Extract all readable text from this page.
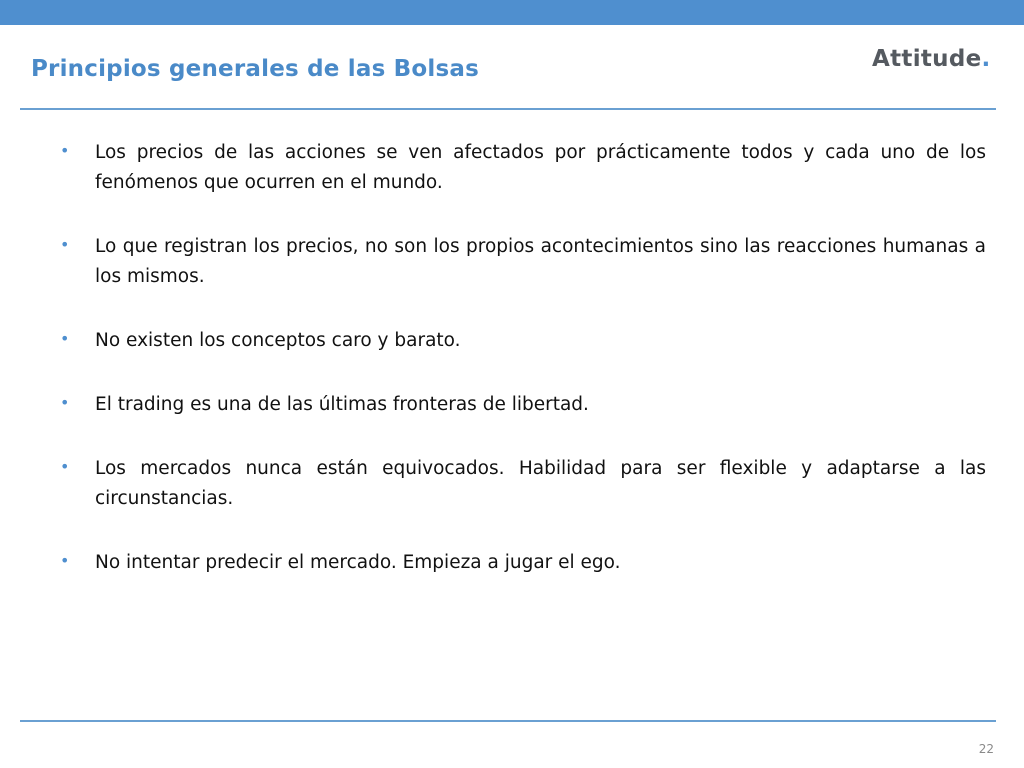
Principios generales de las Bolsas	Attitude.
• Los precios de las acciones se ven afectados por prácticamente todos y cada uno de los fenómenos que ocurren en el mundo.
• Lo que registran los precios, no son los propios acontecimientos sino las reacciones humanas a los mismos.
• No existen los conceptos caro y barato.
• El trading es una de las últimas fronteras de libertad.
• Los mercados nunca están equivocados. Habilidad para ser flexible y adaptarse a las circunstancias.
• No intentar predecir el mercado. Empieza a jugar el ego.
22
